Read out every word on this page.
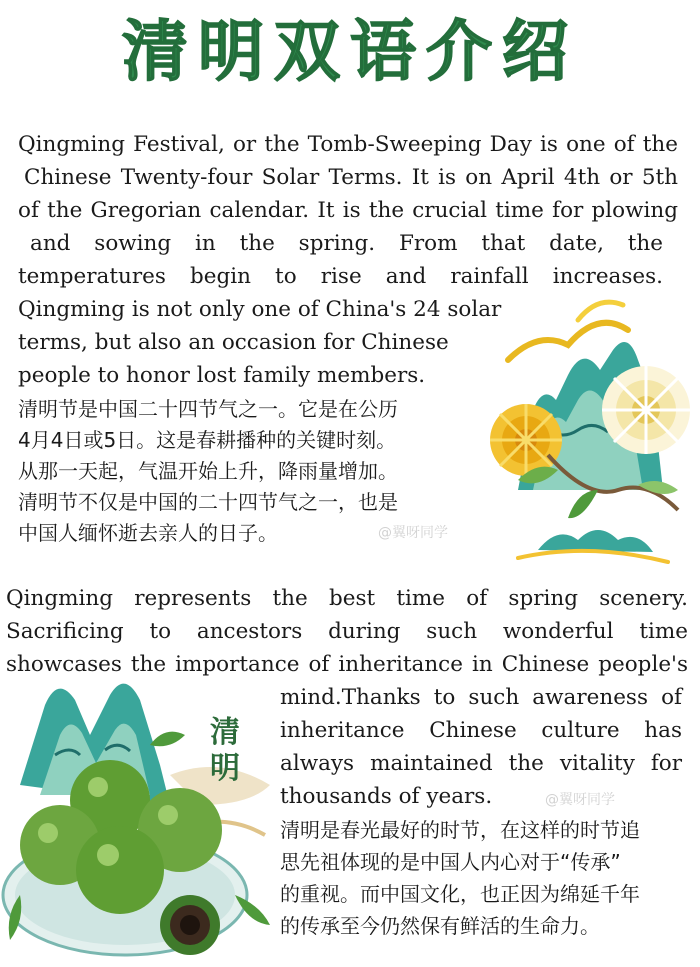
清明双语介绍
Qingming Festival, or the Tomb-Sweeping Day is one of the
Chinese Twenty-four Solar Terms. It is on April 4th or 5th
of the Gregorian calendar. It is the crucial time for plowing
and sowing in the spring. From that date, the
temperatures begin to rise and rainfall increases.
Qingming is not only one of China's 24 solar
terms, but also an occasion for Chinese
people to honor lost family members.
清明节是中国二十四节气之一。它是在公历
4月4日或5日。这是春耕播种的关键时刻。
从那一天起，气温开始上升，降雨量增加。
清明节不仅是中国的二十四节气之一，也是
中国人缅怀逝去亲人的日子。
Qingming represents the best time of spring scenery.
Sacrificing to ancestors during such wonderful time
showcases the importance of inheritance in Chinese people's
mind.Thanks to such awareness of
inheritance Chinese culture has
always maintained the vitality for
thousands of years.
清明是春光最好的时节，在这样的时节追
思先祖体现的是中国人内心对于“传承”
的重视。而中国文化，也正因为绵延千年
的传承至今仍然保有鲜活的生命力。
清
明
@翼呀同学
@翼呀同学
